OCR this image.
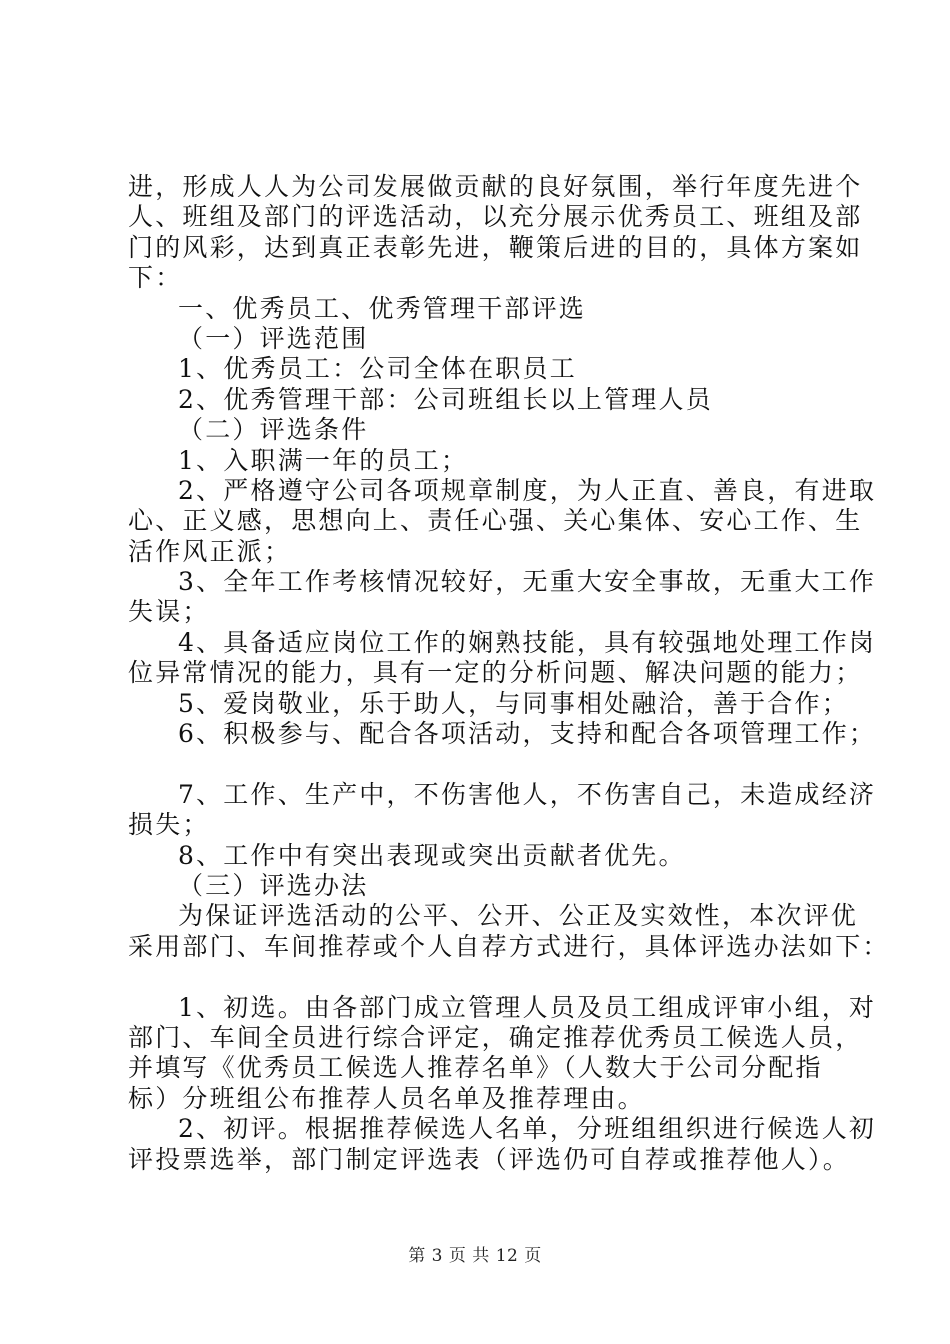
进，形成人人为公司发展做贡献的良好氛围，举行年度先进个
人、班组及部门的评选活动，以充分展示优秀员工、班组及部
门的风彩，达到真正表彰先进，鞭策后进的目的，具体方案如
下：
一、优秀员工、优秀管理干部评选
（一）评选范围
1、优秀员工：公司全体在职员工
2、优秀管理干部：公司班组长以上管理人员
（二）评选条件
1、入职满一年的员工；
2、严格遵守公司各项规章制度，为人正直、善良，有进取
心、正义感，思想向上、责任心强、关心集体、安心工作、生
活作风正派；
3、全年工作考核情况较好，无重大安全事故，无重大工作
失误；
4、具备适应岗位工作的娴熟技能，具有较强地处理工作岗
位异常情况的能力，具有一定的分析问题、解决问题的能力；
5、爱岗敬业，乐于助人，与同事相处融洽，善于合作；
6、积极参与、配合各项活动，支持和配合各项管理工作；
7、工作、生产中，不伤害他人，不伤害自己，未造成经济
损失；
8、工作中有突出表现或突出贡献者优先。
（三）评选办法
为保证评选活动的公平、公开、公正及实效性，本次评优
采用部门、车间推荐或个人自荐方式进行，具体评选办法如下：
1、初选。由各部门成立管理人员及员工组成评审小组，对
部门、车间全员进行综合评定，确定推荐优秀员工候选人员，
并填写《优秀员工候选人推荐名单》（人数大于公司分配指
标）分班组公布推荐人员名单及推荐理由。
2、初评。根据推荐候选人名单，分班组组织进行候选人初
评投票选举，部门制定评选表（评选仍可自荐或推荐他人）。
第 3 页 共 12 页
